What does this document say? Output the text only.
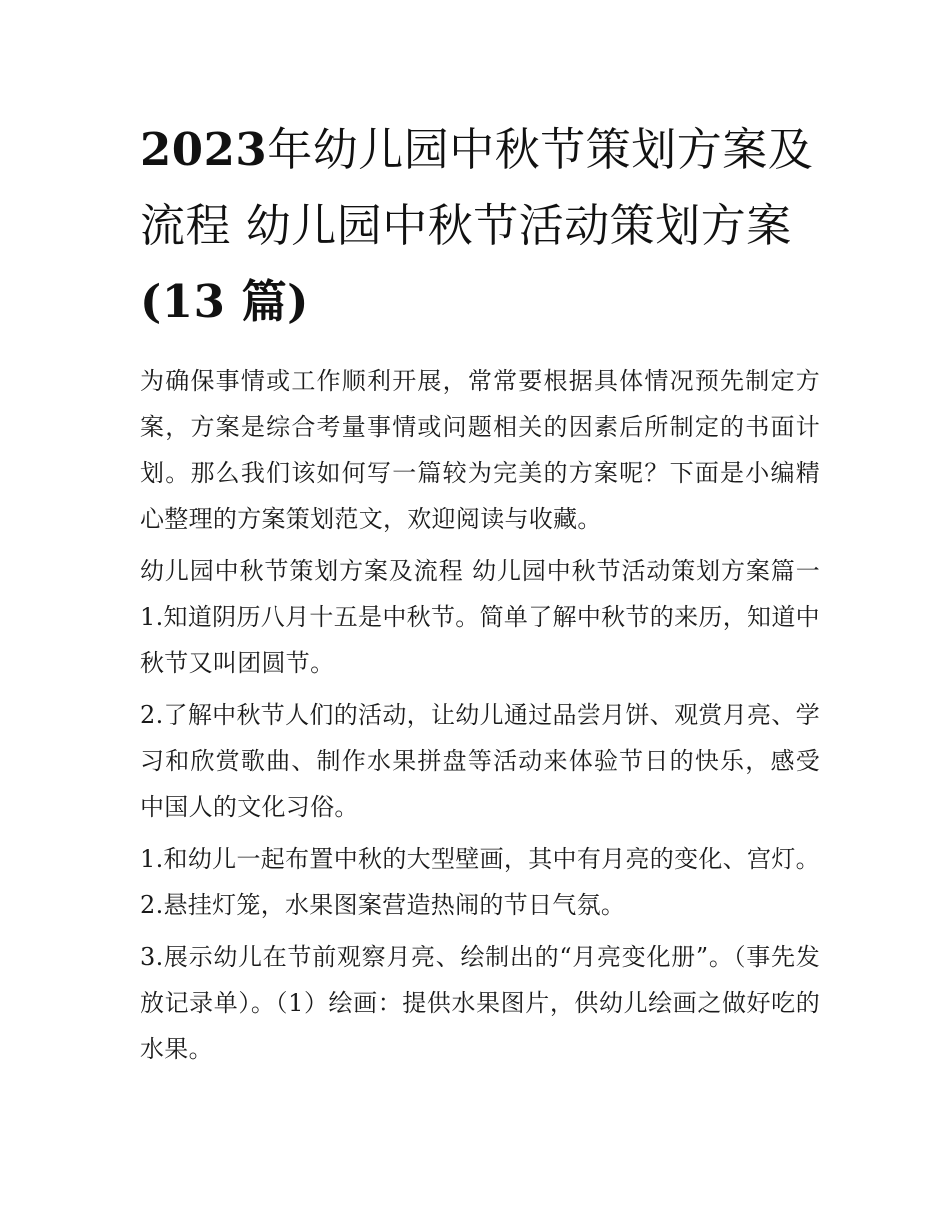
2023年幼儿园中秋节策划方案及流程 幼儿园中秋节活动策划方案(13 篇)

为确保事情或工作顺利开展，常常要根据具体情况预先制定方案，方案是综合考量事情或问题相关的因素后所制定的书面计划。那么我们该如何写一篇较为完美的方案呢？下面是小编精心整理的方案策划范文，欢迎阅读与收藏。

幼儿园中秋节策划方案及流程 幼儿园中秋节活动策划方案篇一 1.知道阴历八月十五是中秋节。简单了解中秋节的来历，知道中秋节又叫团圆节。

2.了解中秋节人们的活动，让幼儿通过品尝月饼、观赏月亮、学习和欣赏歌曲、制作水果拼盘等活动来体验节日的快乐，感受中国人的文化习俗。

1.和幼儿一起布置中秋的大型壁画，其中有月亮的变化、宫灯。 2.悬挂灯笼，水果图案营造热闹的节日气氛。

3.展示幼儿在节前观察月亮、绘制出的“月亮变化册”。（事先发放记录单）。（1）绘画：提供水果图片，供幼儿绘画之做好吃的水果。
